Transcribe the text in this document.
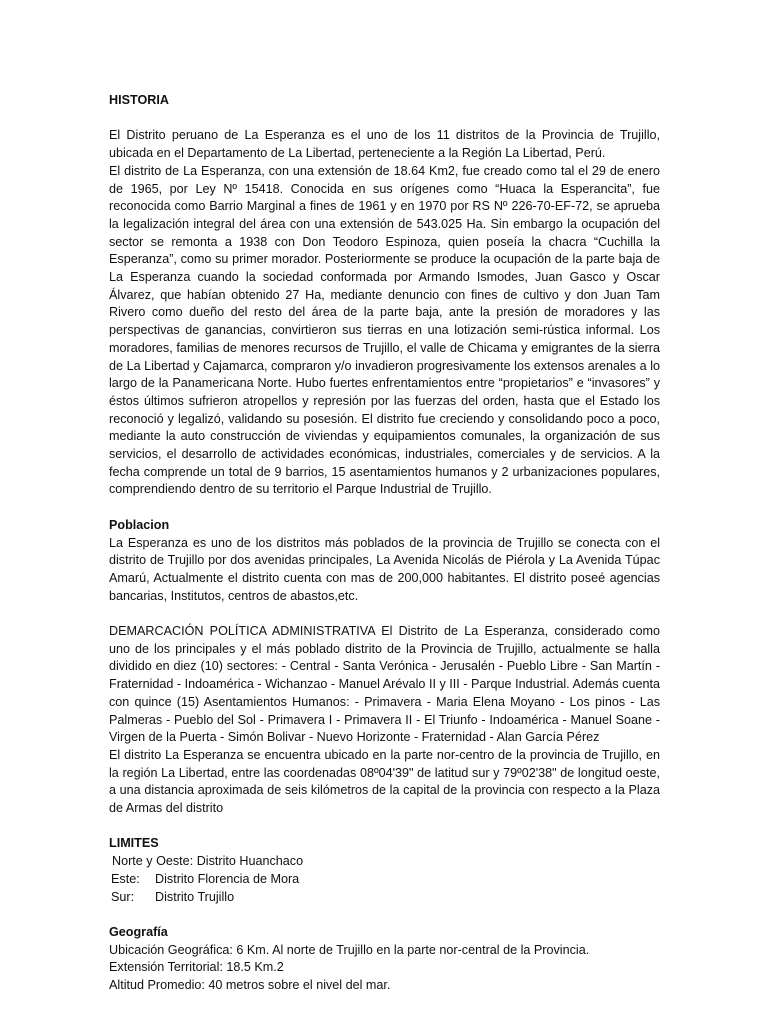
HISTORIA

El Distrito peruano de La Esperanza es el uno de los 11 distritos de la Provincia de Trujillo, ubicada en el Departamento de La Libertad, perteneciente a la Región La Libertad, Perú.

El distrito de La Esperanza, con una extensión de 18.64 Km2, fue creado como tal el 29 de enero de 1965, por Ley Nº 15418. Conocida en sus orígenes como “Huaca la Esperancita”, fue reconocida como Barrio Marginal a fines de 1961 y en 1970 por RS Nº 226-70-EF-72, se aprueba la legalización integral del área con una extensión de 543.025 Ha. Sin embargo la ocupación del sector se remonta a 1938 con Don Teodoro Espinoza, quien poseía la chacra “Cuchilla la Esperanza”, como su primer morador. Posteriormente se produce la ocupación de la parte baja de La Esperanza cuando la sociedad conformada por Armando Ismodes, Juan Gasco y Oscar Álvarez, que habían obtenido 27 Ha, mediante denuncio con fines de cultivo y don Juan Tam Rivero como dueño del resto del área de la parte baja, ante la presión de moradores y las perspectivas de ganancias, convirtieron sus tierras en una lotización semi-rústica informal. Los moradores, familias de menores recursos de Trujillo, el valle de Chicama y emigrantes de la sierra de La Libertad y Cajamarca, compraron y/o invadieron progresivamente los extensos arenales a lo largo de la Panamericana Norte. Hubo fuertes enfrentamientos entre “propietarios” e “invasores” y éstos últimos sufrieron atropellos y represión por las fuerzas del orden, hasta que el Estado los reconoció y legalizó, validando su posesión. El distrito fue creciendo y consolidando poco a poco, mediante la auto construcción de viviendas y equipamientos comunales, la organización de sus servicios, el desarrollo de actividades económicas, industriales, comerciales y de servicios. A la fecha comprende un total de 9 barrios, 15 asentamientos humanos y 2 urbanizaciones populares, comprendiendo dentro de su territorio el Parque Industrial de Trujillo.

Poblacion

La Esperanza es uno de los distritos más poblados de la provincia de Trujillo se conecta con el distrito de Trujillo por dos avenidas principales, La Avenida Nicolás de Piérola y La Avenida Túpac Amarú, Actualmente el distrito cuenta con mas de 200,000 habitantes. El distrito poseé agencias bancarias, Institutos, centros de abastos,etc.

DEMARCACIÓN POLÍTICA ADMINISTRATIVA El Distrito de La Esperanza, considerado como uno de los principales y el más poblado distrito de la Provincia de Trujillo, actualmente se halla dividido en diez (10) sectores: - Central - Santa Verónica - Jerusalén - Pueblo Libre - San Martín - Fraternidad - Indoamérica - Wichanzao - Manuel Arévalo II y III - Parque Industrial. Además cuenta con quince (15) Asentamientos Humanos: - Primavera - Maria Elena Moyano - Los pinos - Las Palmeras - Pueblo del Sol - Primavera I - Primavera II - El Triunfo - Indoamérica - Manuel Soane - Virgen de la Puerta - Simón Bolivar - Nuevo Horizonte - Fraternidad - Alan García Pérez

El distrito La Esperanza se encuentra ubicado en la parte nor-centro de la provincia de Trujillo, en la región La Libertad, entre las coordenadas 08º04'39" de latitud sur y 79º02'38" de longitud oeste, a una distancia aproximada de seis kilómetros de la capital de la provincia con respecto a la Plaza de Armas del distrito

LIMITES

Norte y Oeste:
Distrito Huanchaco
Este:	Distrito Florencia de Mora
Sur:	Distrito Trujillo

Geografía

Ubicación Geográfica: 6 Km. Al norte de Trujillo en la parte nor-central de la Provincia.

Extensión Territorial: 18.5 Km.2

Altitud Promedio: 40 metros sobre el nivel del mar.
